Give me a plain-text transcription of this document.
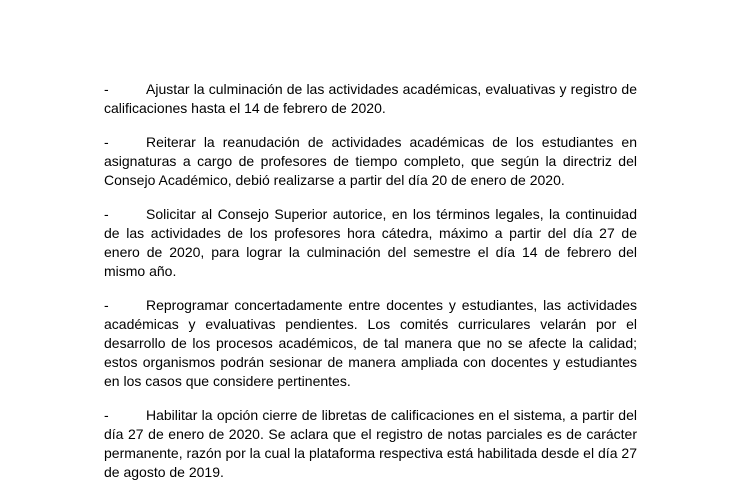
-	Ajustar la culminación de las actividades académicas, evaluativas y registro de calificaciones hasta el 14 de febrero de 2020.

-	Reiterar la reanudación de actividades académicas de los estudiantes en asignaturas a cargo de profesores de tiempo completo, que según la directriz del Consejo Académico, debió realizarse a partir del día 20 de enero de 2020.

-	Solicitar al Consejo Superior autorice, en los términos legales, la continuidad de las actividades de los profesores hora cátedra, máximo a partir del día 27 de enero de 2020, para lograr la culminación del semestre el día 14 de febrero del mismo año.

-	Reprogramar concertadamente entre docentes y estudiantes, las actividades académicas y evaluativas pendientes. Los comités curriculares velarán por el desarrollo de los procesos académicos, de tal manera que no se afecte la calidad; estos organismos podrán sesionar de manera ampliada con docentes y estudiantes en los casos que considere pertinentes.

-	Habilitar la opción cierre de libretas de calificaciones en el sistema, a partir del día 27 de enero de 2020. Se aclara que el registro de notas parciales es de carácter permanente, razón por la cual la plataforma respectiva está habilitada desde el día 27 de agosto de 2019.
